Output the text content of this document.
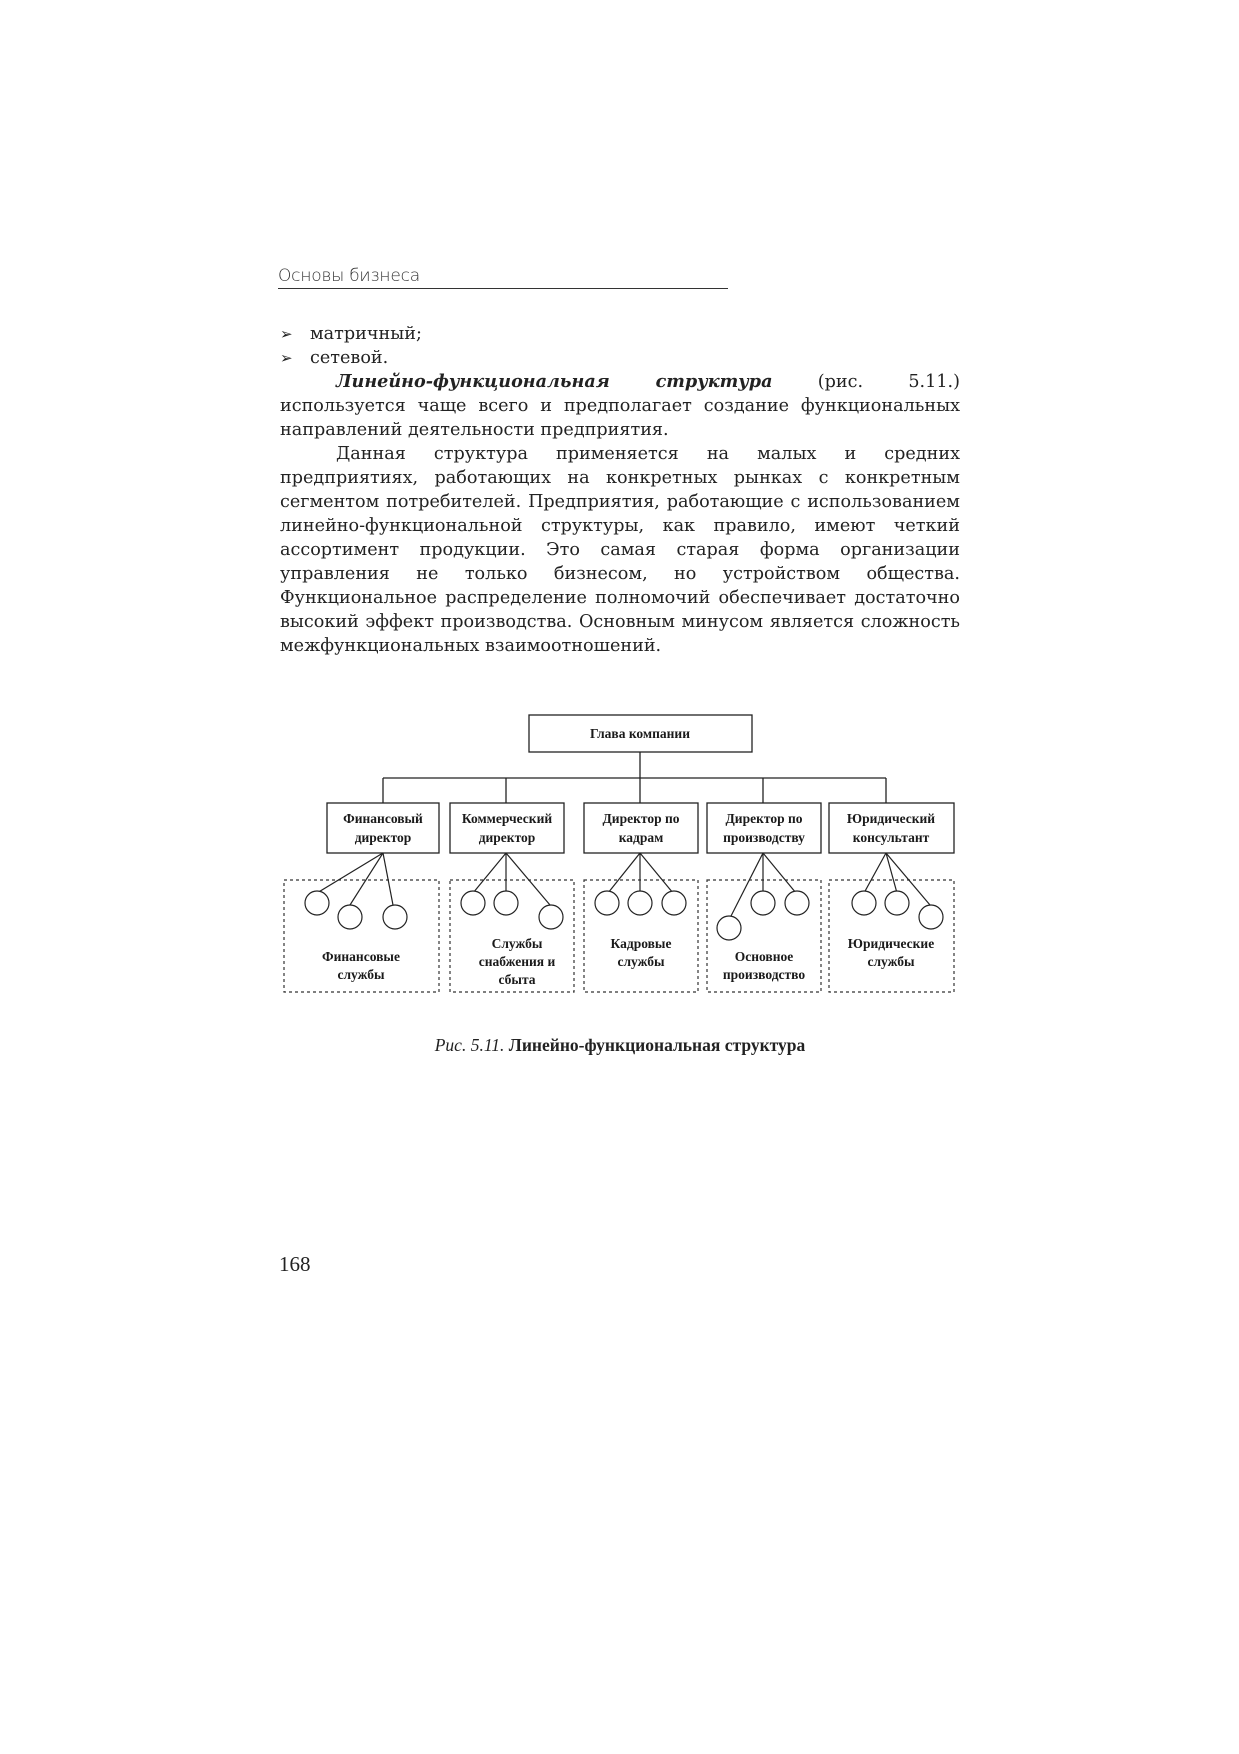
Основы бизнеса
➢ матричный;
➢ сетевой.

Линейно-функциональная структура (рис. 5.11.) используется чаще всего и предполагает создание функциональных направлений деятельности предприятия.

Данная структура применяется на малых и средних предприятиях, работающих на конкретных рынках с конкретным сегментом потребителей. Предприятия, работающие с использованием линейно-функциональной структуры, как правило, имеют четкий ассортимент продукции. Это самая старая форма организации управления не только бизнесом, но устройством общества. Функциональное распределение полномочий обеспечивает достаточно высокий эффект производства. Основным минусом является сложность межфункциональных взаимоотношений.

Глава компании
Финансовый
директор
Коммерческий
директор
Директор по
кадрам
Директор по
производству
Юридический
консультант
Финансовые
службы
Службы
снабжения и
сбыта
Кадровые
службы	Основное
производство
Юридические
службы
Рис. 5.11. Линейно-функциональная структура
168
